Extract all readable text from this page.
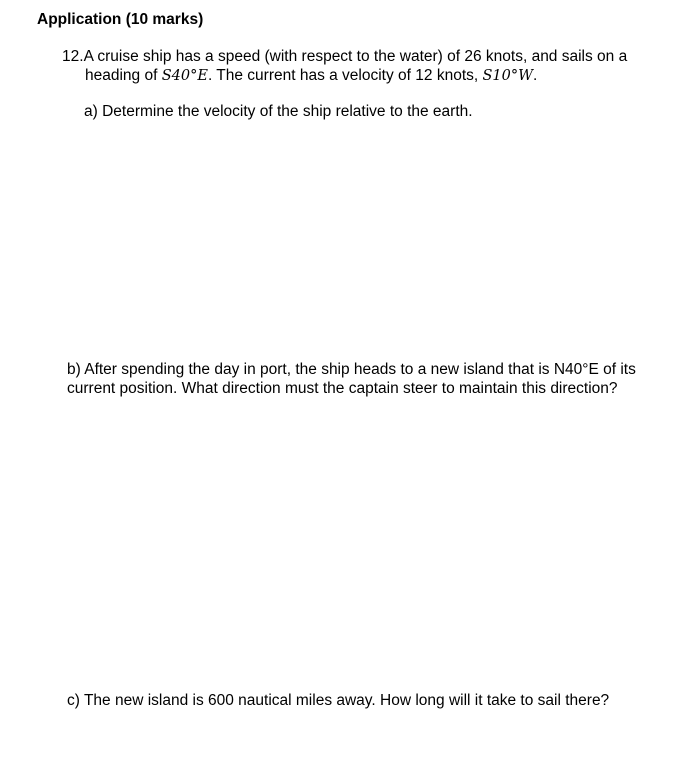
Application (10 marks)
12.A cruise ship has a speed (with respect to the water) of 26 knots, and sails on a
heading of S40°E. The current has a velocity of 12 knots, S10°W.
a) Determine the velocity of the ship relative to the earth.
b) After spending the day in port, the ship heads to a new island that is N40°E of its
current position. What direction must the captain steer to maintain this direction?
c) The new island is 600 nautical miles away. How long will it take to sail there?
